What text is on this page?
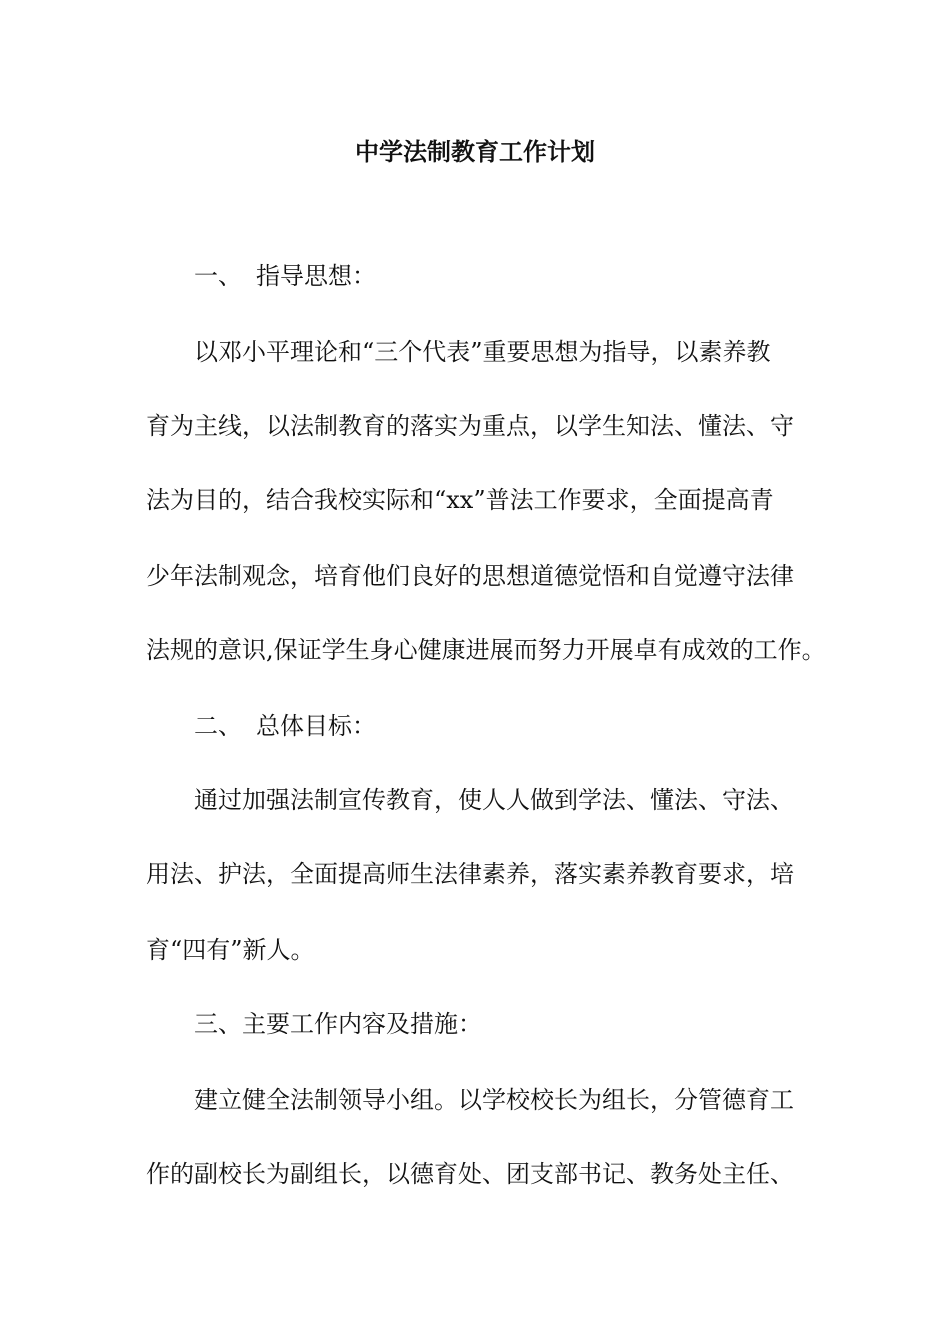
中学法制教育工作计划

一、 指导思想：

以邓小平理论和“三个代表”重要思想为指导，以素养教

育为主线，以法制教育的落实为重点，以学生知法、懂法、守

法为目的，结合我校实际和“xx”普法工作要求，全面提高青

少年法制观念，培育他们良好的思想道德觉悟和自觉遵守法律

法规的意识,保证学生身心健康进展而努力开展卓有成效的工作。

二、 总体目标：

通过加强法制宣传教育，使人人做到学法、懂法、守法、

用法、护法，全面提高师生法律素养，落实素养教育要求，培

育“四有”新人。

三、主要工作内容及措施：

建立健全法制领导小组。以学校校长为组长，分管德育工

作的副校长为副组长，以德育处、团支部书记、教务处主任、
